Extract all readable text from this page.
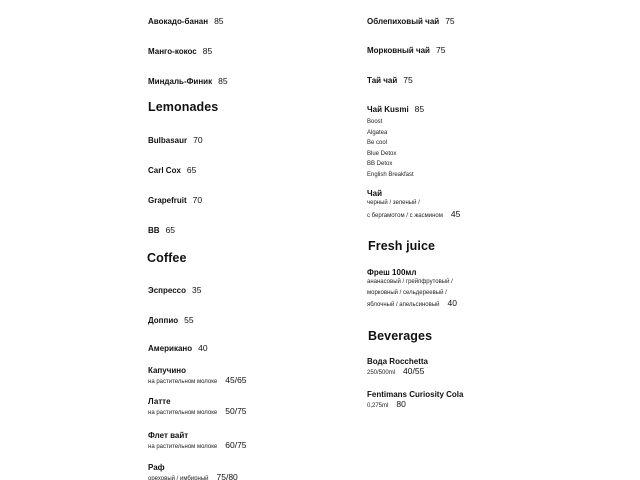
Авокадо-банан 85
Манго-кокос 85
Миндаль-Финик 85
Lemonades
Bulbasaur 70
Carl Cox 65
Grapefruit 70
BB 65
Coffee
Эспрессо 35
Доппио 55
Американо 40
Капучино
на растительном молоке 45/65
Латте
на растительном молоке 50/75
Флет вайт
на растительном молоке 60/75
Раф
ореховый / имбирный 75/80
Облепиховый чай 75
Морковный чай 75
Тай чай 75
Чай Kusmi 85
Boost
Algatea
Be cool
Blue Detox
BB Detox
English Breakfast
Чай
черный / зеленый /
с бергамотом / с жасмином 45
Fresh juice
Фреш 100мл
ананасовый / грейпфрутовый /
морковный / сельдереевый /
яблочный / апельсиновый 40
Beverages
Вода Rocchetta
250/500ml 40/55
Fentimans Curiosity Cola
0,275ml 80
